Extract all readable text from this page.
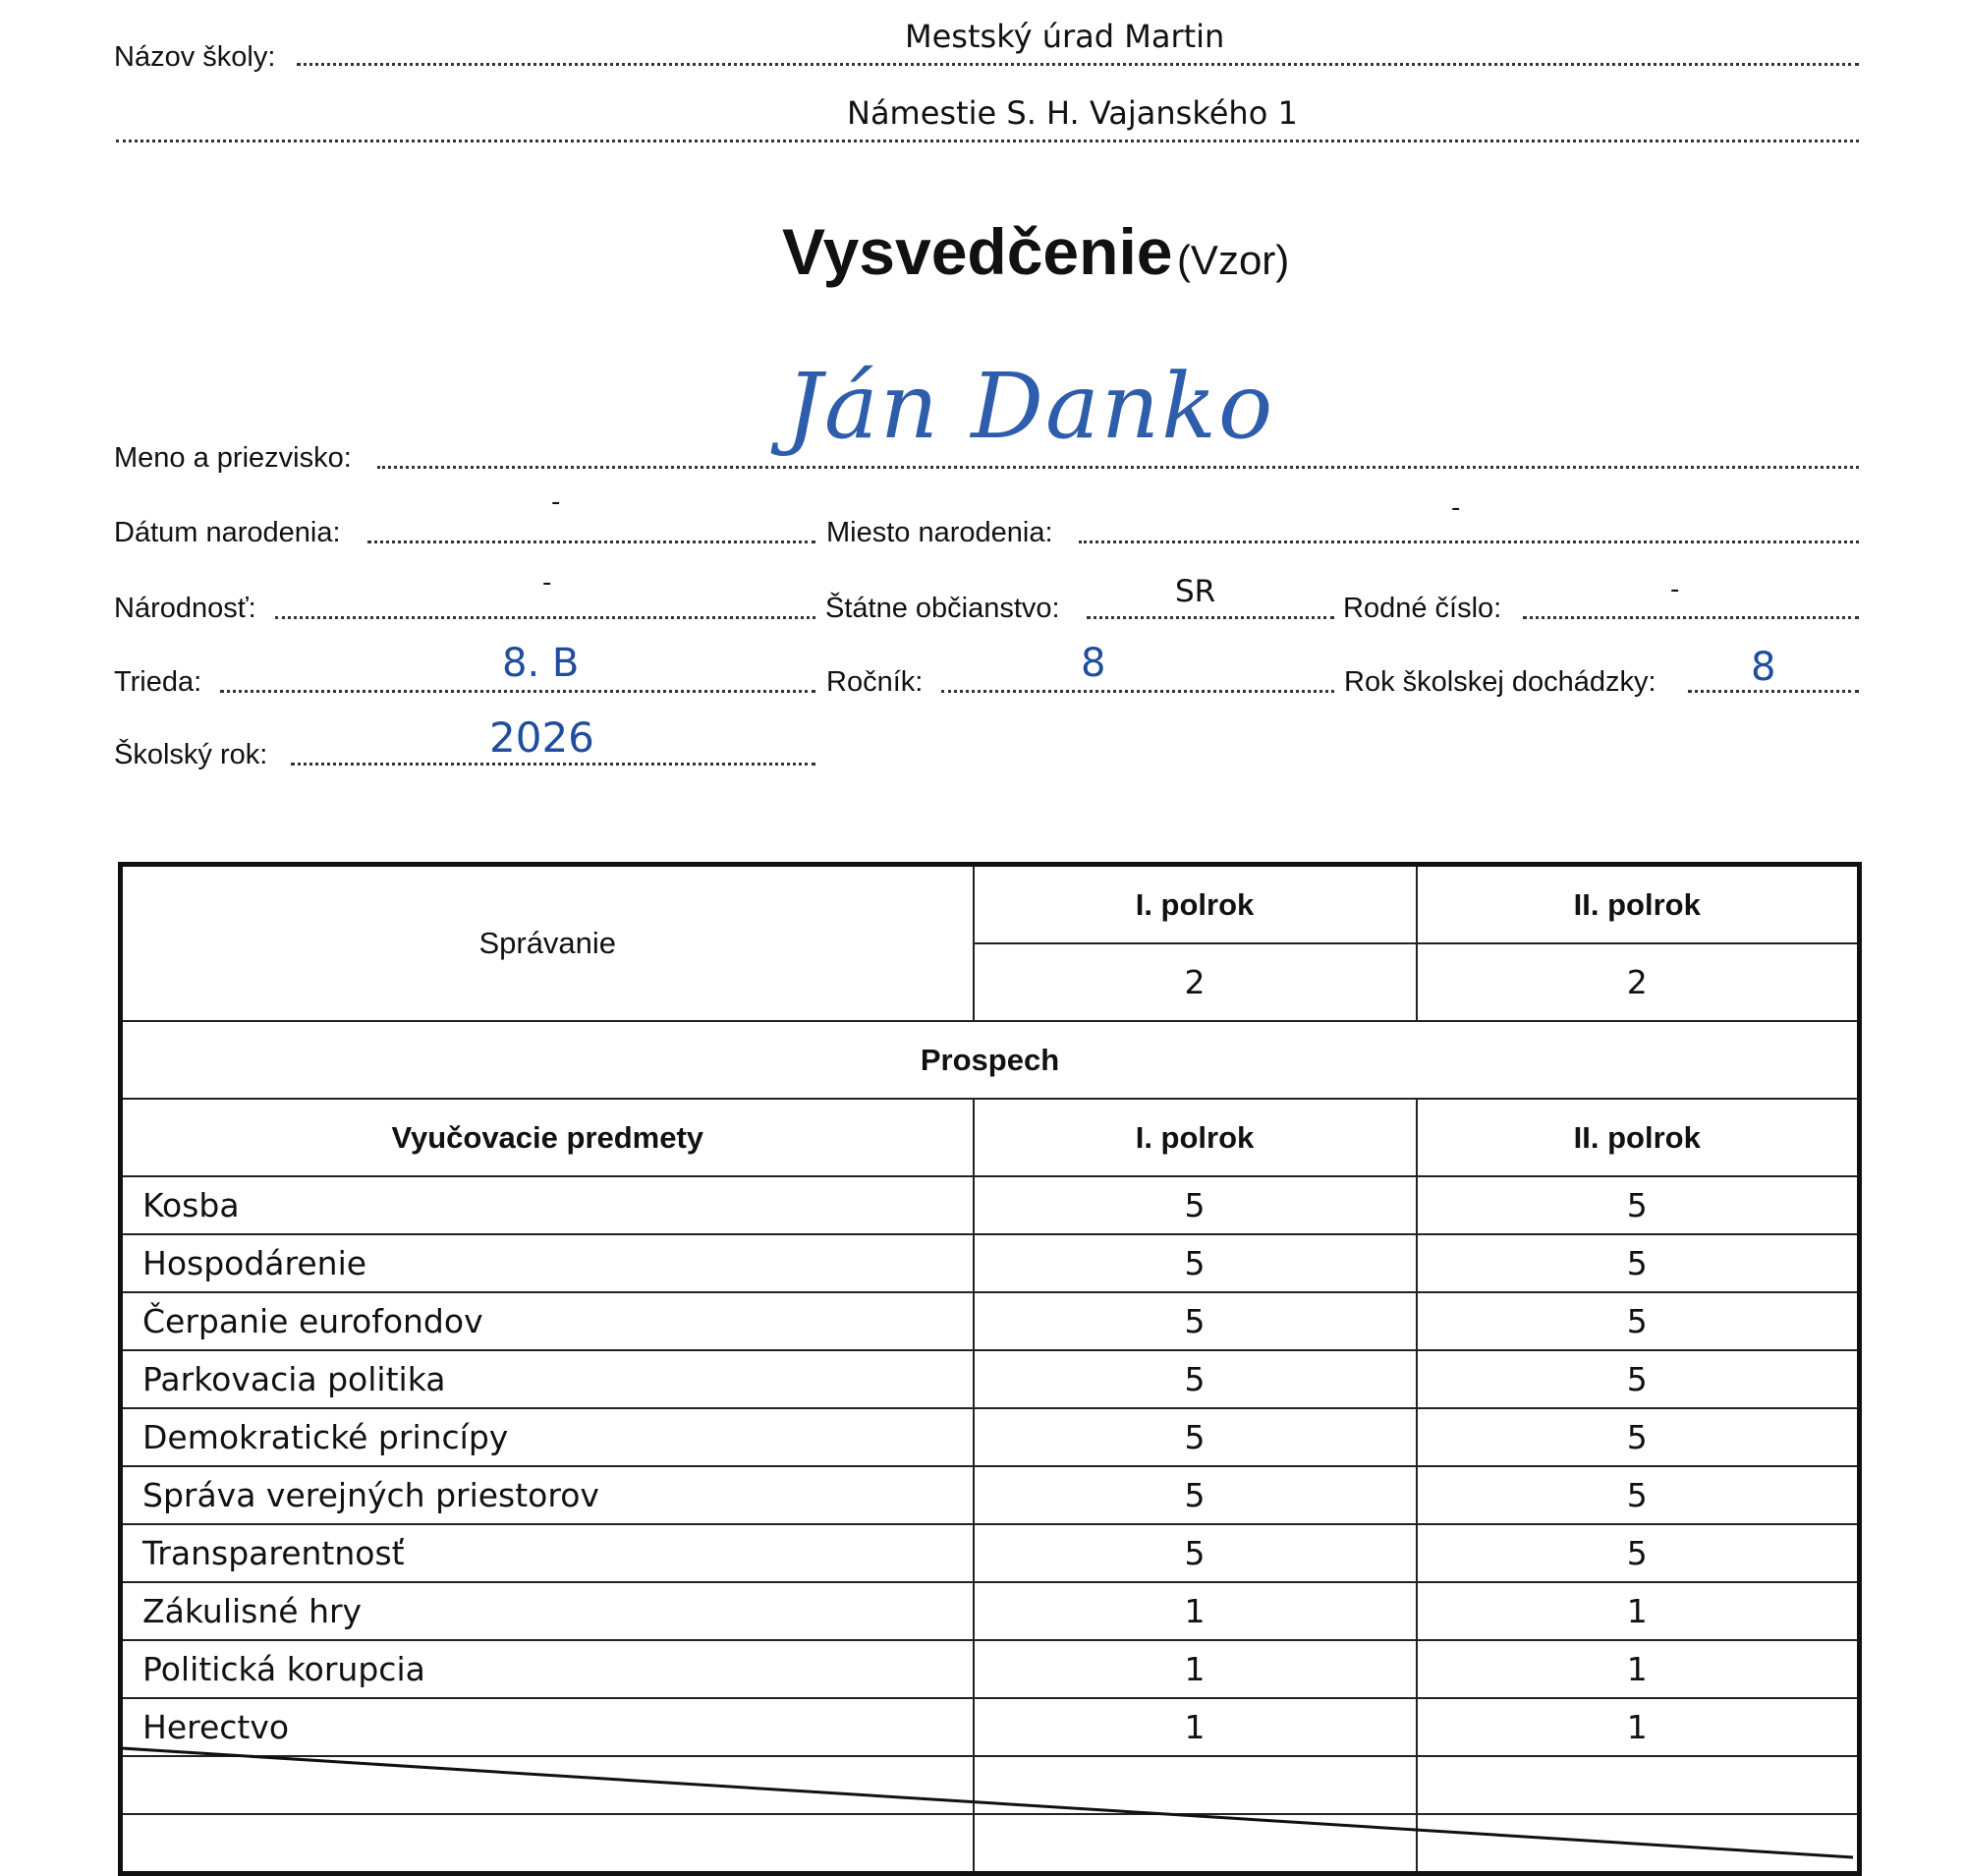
Názov školy:
Mestský úrad Martin
Námestie S. H. Vajanského 1
Vysvedčenie (Vzor)
Meno a priezvisko:	Ján Danko
Dátum narodenia:
-
Miesto narodenia:
-
Národnosť:
-
Štátne občianstvo:	SR	Rodné číslo:
-
Trieda:	8. B	Ročník:	8	Rok školskej dochádzky: 8
Školský rok:	2026
Správanie	I. polrok	II. polrok
	2	2
Prospech		
Vyučovacie predmety	I. polrok	II. polrok
Kosba	5	5
Hospodárenie	5	5
Čerpanie eurofondov	5	5
Parkovacia politika	5	5
Demokratické princípy	5	5
Správa verejných priestorov	5	5
Transparentnosť	5	5
Zákulisné hry	1	1
Politická korupcia	1	1
Herectvo	1	1
